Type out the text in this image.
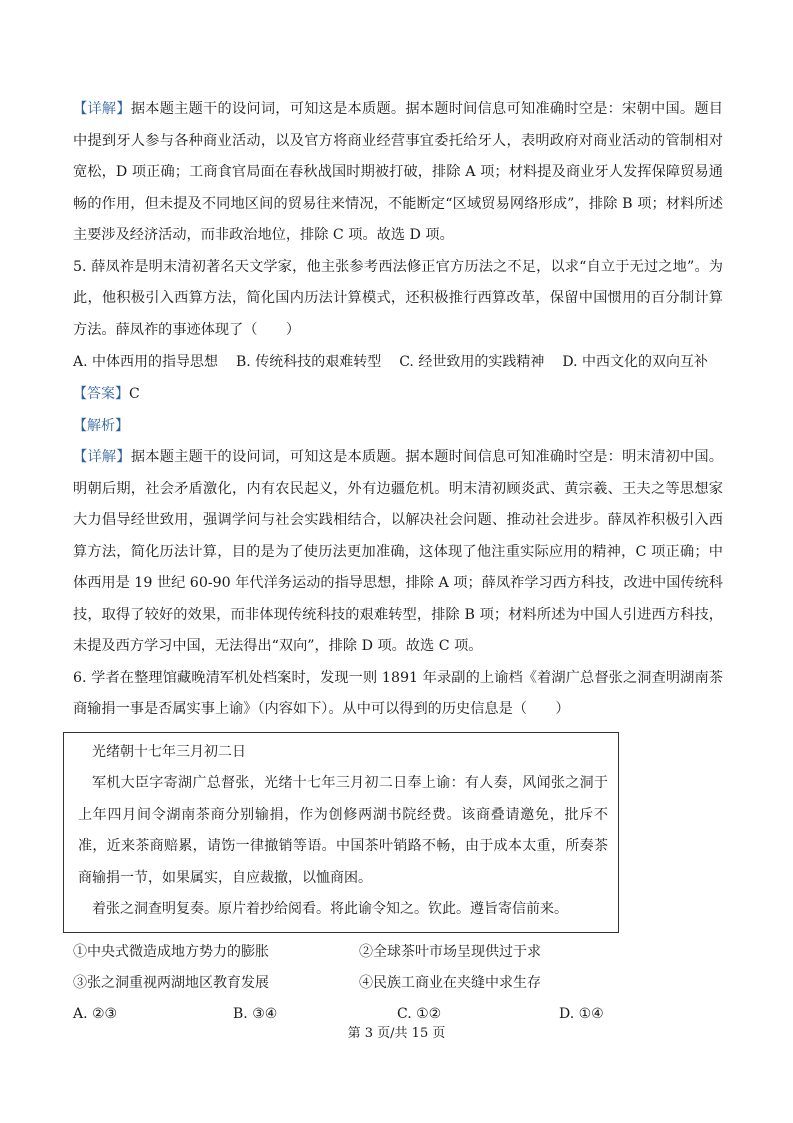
【详解】据本题主题干的设问词，可知这是本质题。据本题时间信息可知准确时空是：宋朝中国。题目中提到牙人参与各种商业活动，以及官方将商业经营事宜委托给牙人，表明政府对商业活动的管制相对宽松，D 项正确；工商食官局面在春秋战国时期被打破，排除 A 项；材料提及商业牙人发挥保障贸易通畅的作用，但未提及不同地区间的贸易往来情况，不能断定“区域贸易网络形成”，排除 B 项；材料所述主要涉及经济活动，而非政治地位，排除 C 项。故选 D 项。

5. 薛凤祚是明末清初著名天文学家，他主张参考西法修正官方历法之不足，以求“自立于无过之地”。为此，他积极引入西算方法，简化国内历法计算模式，还积极推行西算改革，保留中国惯用的百分制计算方法。薛凤祚的事迹体现了（　　）

A. 中体西用的指导思想 B. 传统科技的艰难转型 C. 经世致用的实践精神 D. 中西文化的双向互补
【答案】C
【解析】

【详解】据本题主题干的设问词，可知这是本质题。据本题时间信息可知准确时空是：明末清初中国。明朝后期，社会矛盾激化，内有农民起义，外有边疆危机。明末清初顾炎武、黄宗羲、王夫之等思想家大力倡导经世致用，强调学问与社会实践相结合，以解决社会问题、推动社会进步。薛凤祚积极引入西算方法，简化历法计算，目的是为了使历法更加准确，这体现了他注重实际应用的精神，C 项正确；中体西用是 19 世纪 60-90 年代洋务运动的指导思想，排除 A 项；薛凤祚学习西方科技，改进中国传统科技，取得了较好的效果，而非体现传统科技的艰难转型，排除 B 项；材料所述为中国人引进西方科技，未提及西方学习中国，无法得出“双向”，排除 D 项。故选 C 项。

6. 学者在整理馆藏晚清军机处档案时，发现一则 1891 年录副的上谕档《着湖广总督张之洞查明湖南茶商输捐一事是否属实事上谕》（内容如下）。从中可以得到的历史信息是（　　）

光绪朝十七年三月初二日

军机大臣字寄湖广总督张，光绪十七年三月初二日奉上谕：有人奏，风闻张之洞于上年四月间令湖南茶商分别输捐，作为创修两湖书院经费。该商叠请邀免，批斥不准，近来茶商赔累，请饬一律撤销等语。中国茶叶销路不畅，由于成本太重，所奏茶商输捐一节，如果属实，自应裁撤，以恤商困。

着张之洞查明复奏。原片着抄给阅看。将此谕令知之。钦此。遵旨寄信前来。

①中央式微造成地方势力的膨胀	②全球茶叶市场呈现供过于求
③张之洞重视两湖地区教育发展	④民族工商业在夹缝中求生存
A. ②③	B. ③④	C. ①②	D. ①④
第 3 页/共 15 页
